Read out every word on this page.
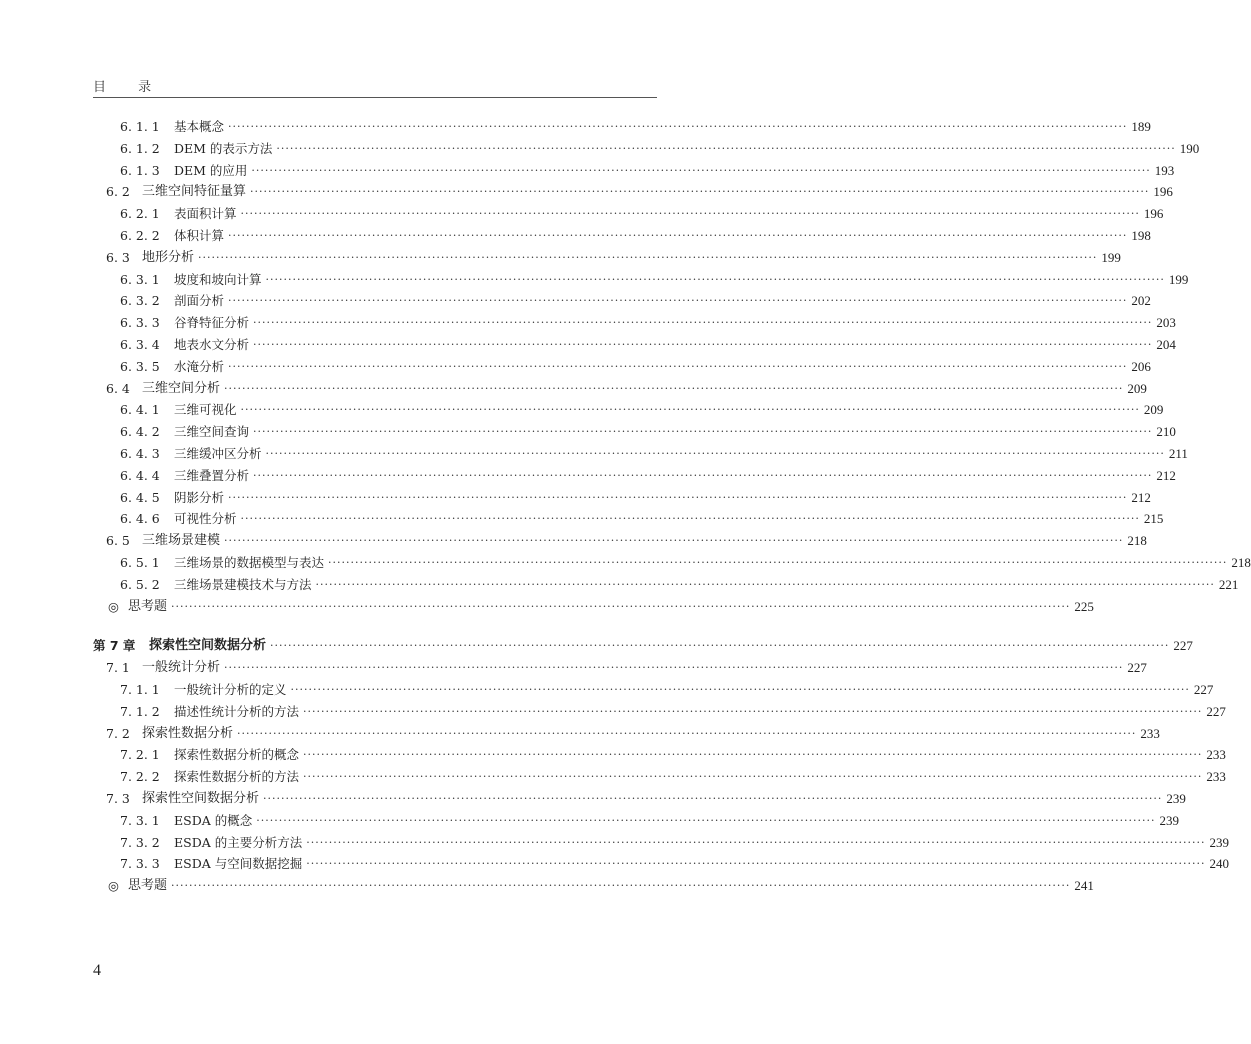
目 录
6. 1. 1	基本概念 ········································································································································································································ 189
6. 1. 2	DEM 的表示方法 ········································································································································································································ 190
6. 1. 3	DEM 的应用 ········································································································································································································ 193
6. 2 三维空间特征量算 ········································································································································································································ 196
6. 2. 1	表面积计算 ········································································································································································································ 196
6. 2. 2	体积计算 ········································································································································································································ 198
6. 3 地形分析 ········································································································································································································ 199
6. 3. 1	坡度和坡向计算 ········································································································································································································ 199
6. 3. 2	剖面分析 ········································································································································································································ 202
6. 3. 3	谷脊特征分析 ········································································································································································································ 203
6. 3. 4	地表水文分析 ········································································································································································································ 204
6. 3. 5	水淹分析 ········································································································································································································ 206
6. 4 三维空间分析 ········································································································································································································ 209
6. 4. 1	三维可视化 ········································································································································································································ 209
6. 4. 2	三维空间查询 ········································································································································································································ 210
6. 4. 3	三维缓冲区分析 ········································································································································································································ 211
6. 4. 4	三维叠置分析 ········································································································································································································ 212
6. 4. 5	阴影分析 ········································································································································································································ 212
6. 4. 6	可视性分析 ········································································································································································································ 215
6. 5 三维场景建模 ········································································································································································································ 218
6. 5. 1	三维场景的数据模型与表达 ········································································································································································································ 218
6. 5. 2	三维场景建模技术与方法 ········································································································································································································ 221
◎ 思考题 ········································································································································································································ 225
第 7 章	探索性空间数据分析 ········································································································································································································ 227
7. 1 一般统计分析 ········································································································································································································ 227
7. 1. 1	一般统计分析的定义 ········································································································································································································ 227
7. 1. 2	描述性统计分析的方法 ········································································································································································································ 227
7. 2 探索性数据分析 ········································································································································································································ 233
7. 2. 1	探索性数据分析的概念 ········································································································································································································ 233
7. 2. 2	探索性数据分析的方法 ········································································································································································································ 233
7. 3 探索性空间数据分析 ········································································································································································································ 239
7. 3. 1	ESDA 的概念 ········································································································································································································ 239
7. 3. 2	ESDA 的主要分析方法 ········································································································································································································ 239
7. 3. 3	ESDA 与空间数据挖掘 ········································································································································································································ 240
◎ 思考题 ········································································································································································································ 241
4
